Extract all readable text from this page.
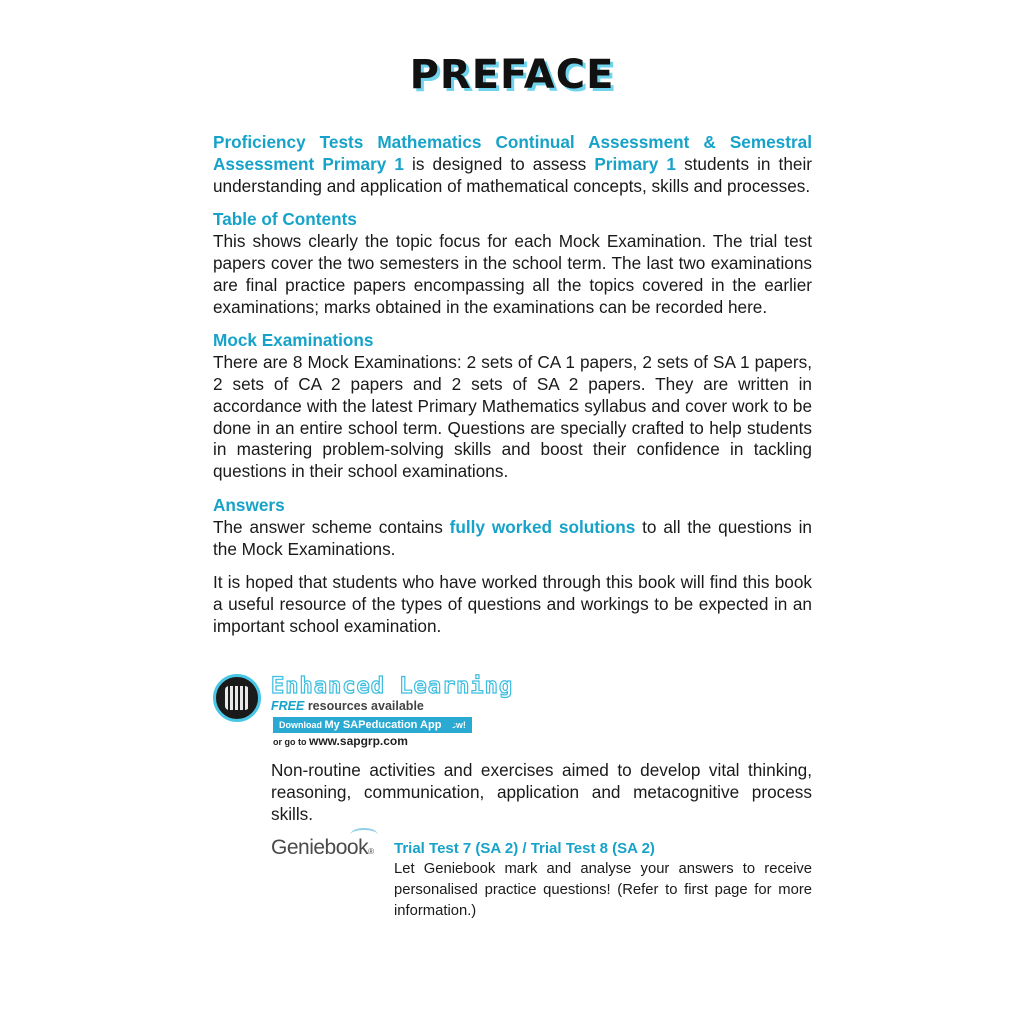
PREFACE

Proficiency Tests Mathematics Continual Assessment & Semestral Assessment Primary 1 is designed to assess Primary 1 students in their understanding and application of mathematical concepts, skills and processes.

Table of Contents

This shows clearly the topic focus for each Mock Examination. The trial test papers cover the two semesters in the school term. The last two examinations are final practice papers encompassing all the topics covered in the earlier examinations; marks obtained in the examinations can be recorded here.

Mock Examinations

There are 8 Mock Examinations: 2 sets of CA 1 papers, 2 sets of SA 1 papers, 2 sets of CA 2 papers and 2 sets of SA 2 papers. They are written in accordance with the latest Primary Mathematics syllabus and cover work to be done in an entire school term. Questions are specially crafted to help students in mastering problem-solving skills and boost their confidence in tackling questions in their school examinations.

Answers

The answer scheme contains fully worked solutions to all the questions in the Mock Examinations.

It is hoped that students who have worked through this book will find this book a useful resource of the types of questions and workings to be expected in an important school examination.

Enhanced Learning
FREE resources available
Download My SAPeducation App Now!
or go to www.sapgrp.com

Non-routine activities and exercises aimed to develop vital thinking, reasoning, communication, application and metacognitive process skills.

Geniebook® Trial Test 7 (SA 2) / Trial Test 8 (SA 2)
Let Geniebook mark and analyse your answers to receive personalised practice questions! (Refer to first page for more information.)
